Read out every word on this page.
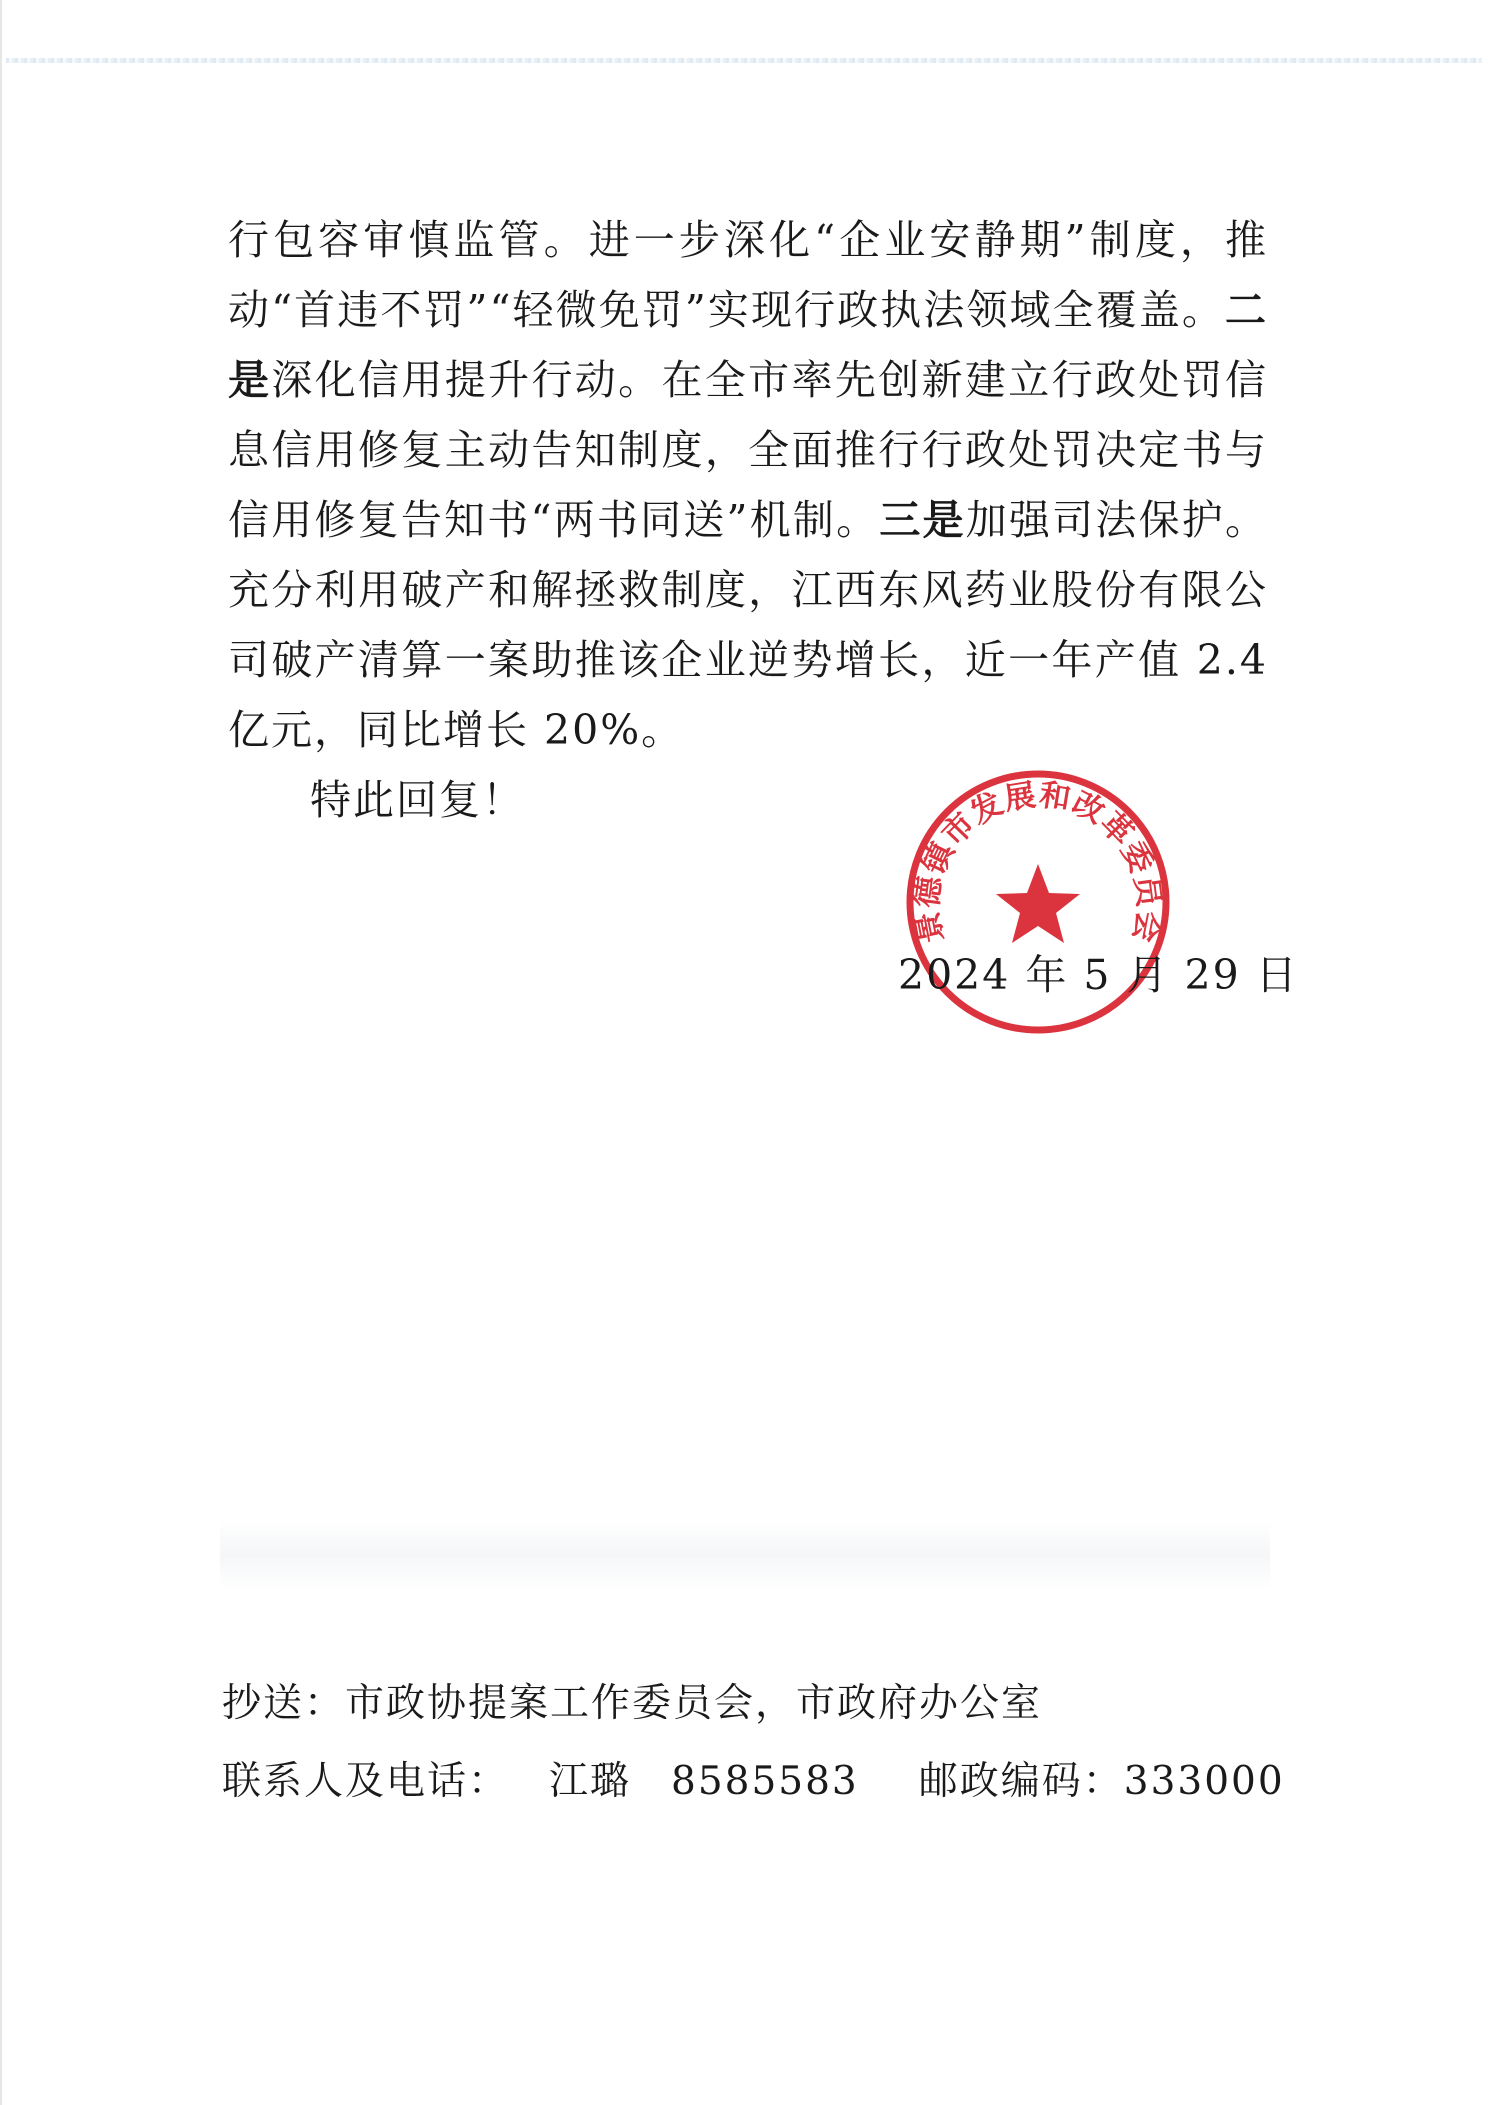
行包容审慎监管。进一步深化“企业安静期”制度，推动“首违不罚”“轻微免罚”实现行政执法领域全覆盖。二是深化信用提升行动。在全市率先创新建立行政处罚信息信用修复主动告知制度，全面推行行政处罚决定书与信用修复告知书“两书同送”机制。三是加强司法保护。充分利用破产和解拯救制度，江西东风药业股份有限公司破产清算一案助推该企业逆势增长，近一年产值 2.4 亿元，同比增长 20%。

特此回复！

景德镇市发展和改革委员会
2024 年 5 月 29 日
抄送：市政协提案工作委员会，市政府办公室
联系人及电话： 江璐 8585583 邮政编码：333000
